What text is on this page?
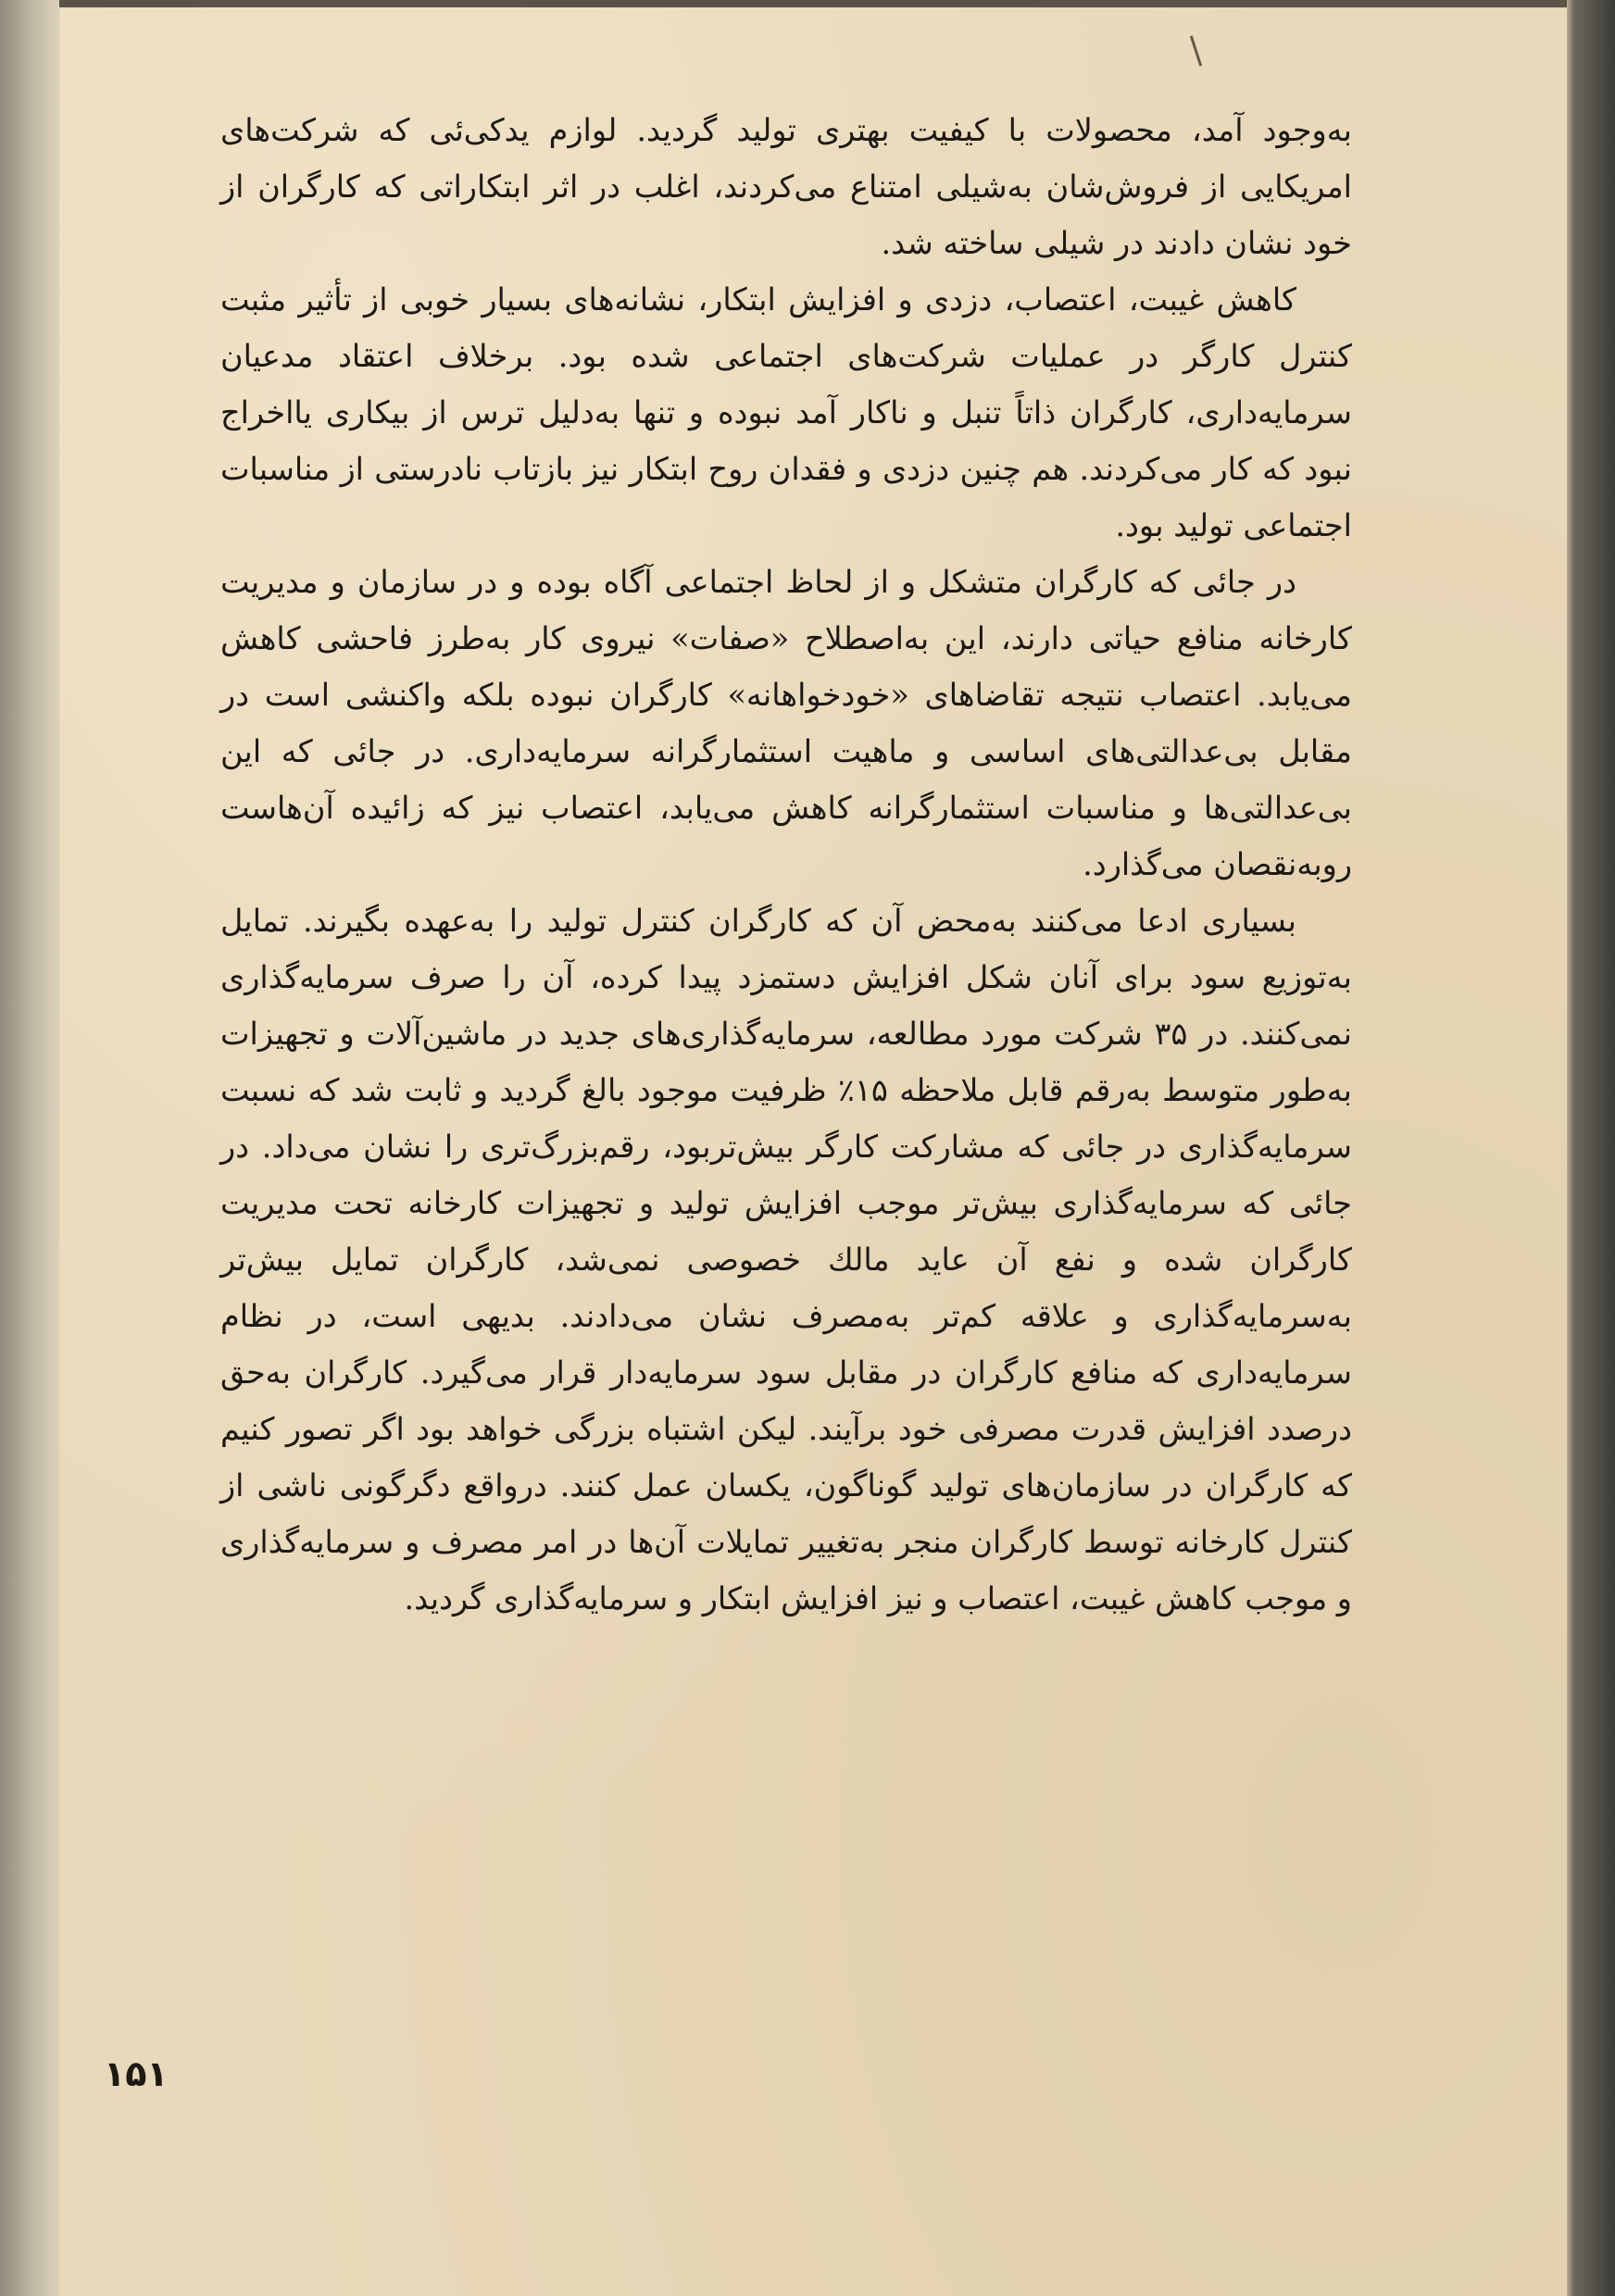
به‌وجود آمد، محصولات با کیفیت بهتری تولید گردید. لوازم یدکی‌ئی که شرکت‌های امریکایی از فروش‌شان به‌شیلی امتناع می‌کردند، اغلب در اثر ابتکاراتی که کارگران از خود نشان دادند در شیلی ساخته شد.

کاهش غیبت، اعتصاب، دزدی و افزایش ابتکار، نشانه‌های بسیار خوبی از تأثیر مثبت کنترل کارگر در عملیات شرکت‌های اجتماعی شده بود. برخلاف اعتقاد مدعیان سرمایه‌داری، کارگران ذاتاً تنبل و ناکار آمد نبوده و تنها به‌دلیل ترس از بیکاری یااخراج نبود که کار می‌کردند. هم چنین دزدی و فقدان روح ابتکار نیز بازتاب نادرستی از مناسبات اجتماعی تولید بود.

در جائی که کارگران متشکل و از لحاظ اجتماعی آگاه بوده و در سازمان و مدیریت کارخانه منافع حیاتی دارند، این به‌اصطلاح «صفات» نیروی کار به‌طرز فاحشی کاهش می‌یابد. اعتصاب نتیجه تقاضاهای «خودخواهانه» کارگران نبوده بلکه واکنشی است در مقابل بی‌عدالتی‌های اساسی و ماهیت استثمارگرانه سرمایه‌داری. در جائی که این بی‌عدالتی‌ها و مناسبات استثمارگرانه کاهش می‌یابد، اعتصاب نیز که زائیده آن‌هاست روبه‌نقصان می‌گذارد.

بسیاری ادعا می‌کنند به‌محض آن که کارگران کنترل تولید را به‌عهده بگیرند. تمایل به‌توزیع سود برای آنان شکل افزایش دستمزد پیدا کرده، آن را صرف سرمایه‌گذاری نمی‌کنند. در ۳۵ شرکت مورد مطالعه، سرمایه‌گذاری‌های جدید در ماشین‌آلات و تجهیزات به‌طور متوسط به‌رقم قابل ملاحظه ۱۵٪ ظرفیت موجود بالغ گردید و ثابت شد که نسبت سرمایه‌گذاری در جائی که مشارکت کارگر بیش‌تربود، رقم‌بزرگ‌تری را نشان می‌داد. در جائی که سرمایه‌گذاری بیش‌تر موجب افزایش تولید و تجهیزات کارخانه تحت مدیریت کارگران شده و نفع آن عاید مالك خصوصی نمی‌شد، کارگران تمایل بیش‌تر به‌سرمایه‌گذاری و علاقه کم‌تر به‌مصرف نشان می‌دادند. بدیهی است، در نظام سرمایه‌داری که منافع کارگران در مقابل سود سرمایه‌دار قرار می‌گیرد. کارگران به‌حق درصدد افزایش قدرت مصرفی خود برآیند. لیکن اشتباه بزرگی خواهد بود اگر تصور کنیم که کارگران در سازمان‌های تولید گوناگون، یکسان عمل کنند. درواقع دگرگونی ناشی از کنترل کارخانه توسط کارگران منجر به‌تغییر تمایلات آن‌ها در امر مصرف و سرمایه‌گذاری و موجب کاهش غیبت، اعتصاب و نیز افزایش ابتکار و سرمایه‌گذاری گردید.

۱۵۱
